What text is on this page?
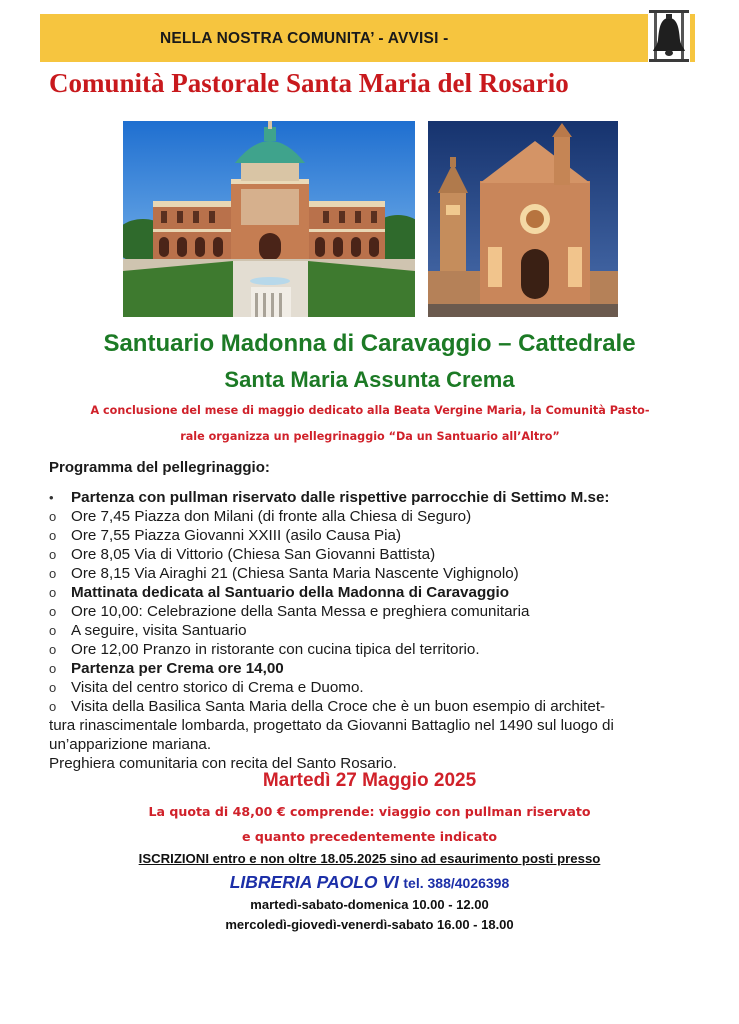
NELLA NOSTRA COMUNITA’ - AVVISI -
Comunità Pastorale Santa Maria del Rosario
Santuario Madonna di Caravaggio – Cattedrale
Santa Maria Assunta Crema
A conclusione del mese di maggio dedicato alla Beata Vergine Maria, la Comunità Pasto-
rale organizza un pellegrinaggio “Da un Santuario all’Altro”
Programma del pellegrinaggio:
•	Partenza con pullman riservato dalle rispettive parrocchie di Settimo M.se:
o Ore 7,45 Piazza don Milani (di fronte alla Chiesa di Seguro)
o Ore 7,55 Piazza Giovanni XXIII (asilo Causa Pia)
o Ore 8,05 Via di Vittorio (Chiesa San Giovanni Battista)
o Ore 8,15 Via Airaghi 21 (Chiesa Santa Maria Nascente Vighignolo)
o Mattinata dedicata al Santuario della Madonna di Caravaggio
o Ore 10,00: Celebrazione della Santa Messa e preghiera comunitaria
o A seguire, visita Santuario
o Ore 12,00 Pranzo in ristorante con cucina tipica del territorio.
o Partenza per Crema ore 14,00
o Visita del centro storico di Crema e Duomo.
o Visita della Basilica Santa Maria della Croce che è un buon esempio di architet-
tura rinascimentale lombarda, progettato da Giovanni Battaglio nel 1490 sul luogo di
un’apparizione mariana.
Preghiera comunitaria con recita del Santo Rosario.
Martedì 27 Maggio 2025
La quota di 48,00 € comprende: viaggio con pullman riservato
e quanto precedentemente indicato
ISCRIZIONI entro e non oltre 18.05.2025 sino ad esaurimento posti presso
LIBRERIA PAOLO VI tel. 388/4026398
martedì-sabato-domenica 10.00 - 12.00
mercoledì-giovedì-venerdì-sabato 16.00 - 18.00
